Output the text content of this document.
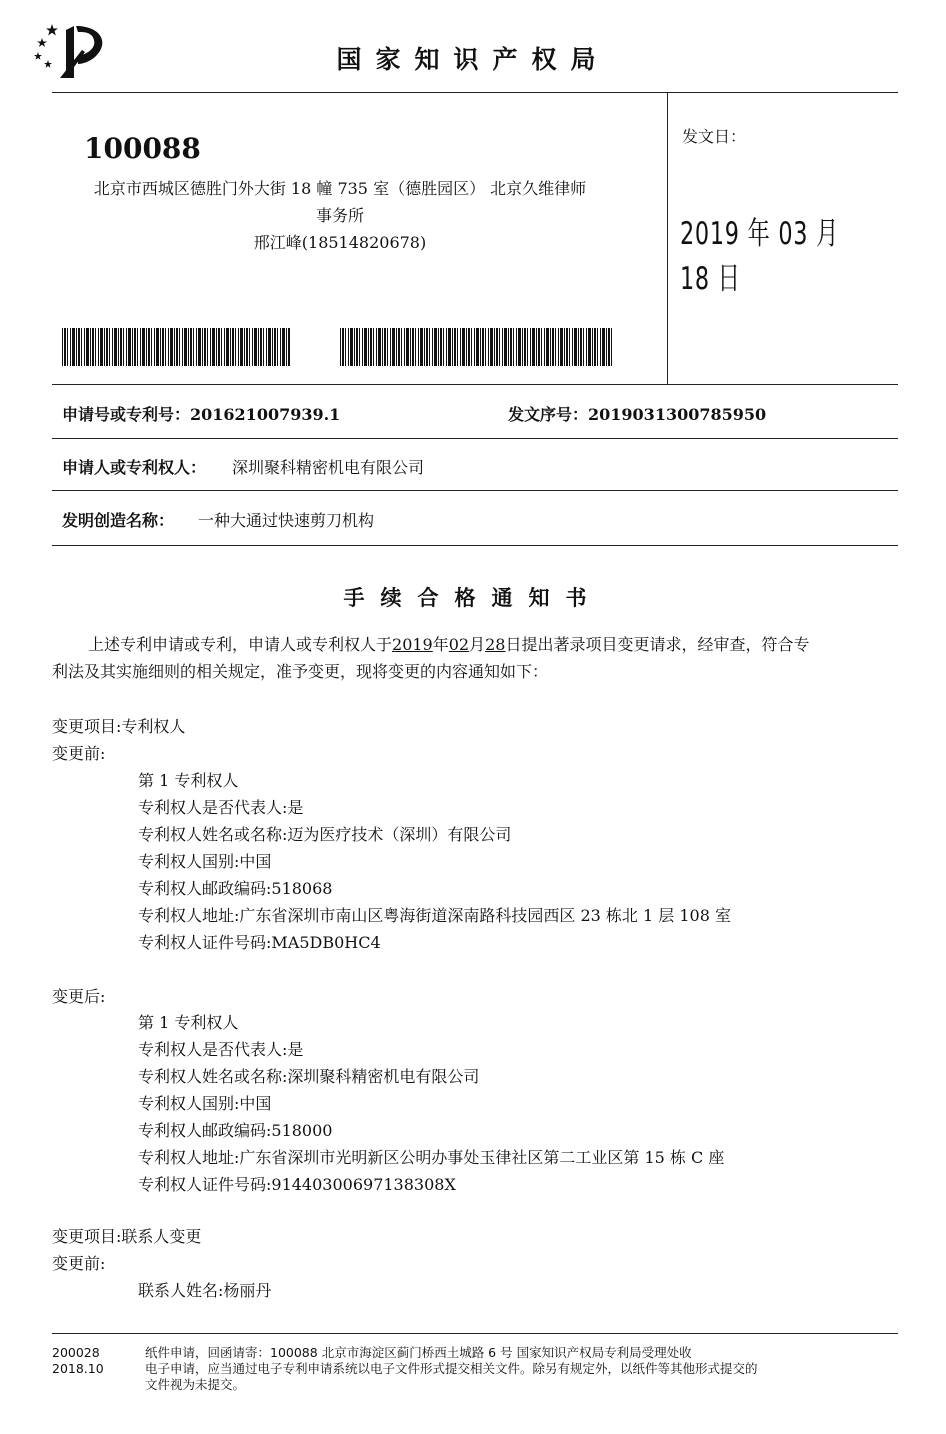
国家知识产权局
100088
北京市西城区德胜门外大街 18 幢 735 室（德胜园区） 北京久维律师
事务所
邢江峰(18514820678)
发文日：
2019 年 03 月 18 日
申请号或专利号：201621007939.1	发文序号：2019031300785950
申请人或专利权人： 深圳聚科精密机电有限公司
发明创造名称： 一种大通过快速剪刀机构
手续合格通知书
上述专利申请或专利，申请人或专利权人于2019年02月28日提出著录项目变更请求，经审查，符合专
利法及其实施细则的相关规定，准予变更，现将变更的内容通知如下：
变更项目:专利权人
变更前:
第 1 专利权人
专利权人是否代表人:是
专利权人姓名或名称:迈为医疗技术（深圳）有限公司
专利权人国别:中国
专利权人邮政编码:518068
专利权人地址:广东省深圳市南山区粤海街道深南路科技园西区 23 栋北 1 层 108 室
专利权人证件号码:MA5DB0HC4
变更后:
第 1 专利权人
专利权人是否代表人:是
专利权人姓名或名称:深圳聚科精密机电有限公司
专利权人国别:中国
专利权人邮政编码:518000
专利权人地址:广东省深圳市光明新区公明办事处玉律社区第二工业区第 15 栋 C 座
专利权人证件号码:91440300697138308X
变更项目:联系人变更
变更前:
联系人姓名:杨丽丹
200028
2018.10
纸件申请，回函请寄：100088 北京市海淀区蓟门桥西土城路 6 号 国家知识产权局专利局受理处收
电子申请，应当通过电子专利申请系统以电子文件形式提交相关文件。除另有规定外，以纸件等其他形式提交的
文件视为未提交。
